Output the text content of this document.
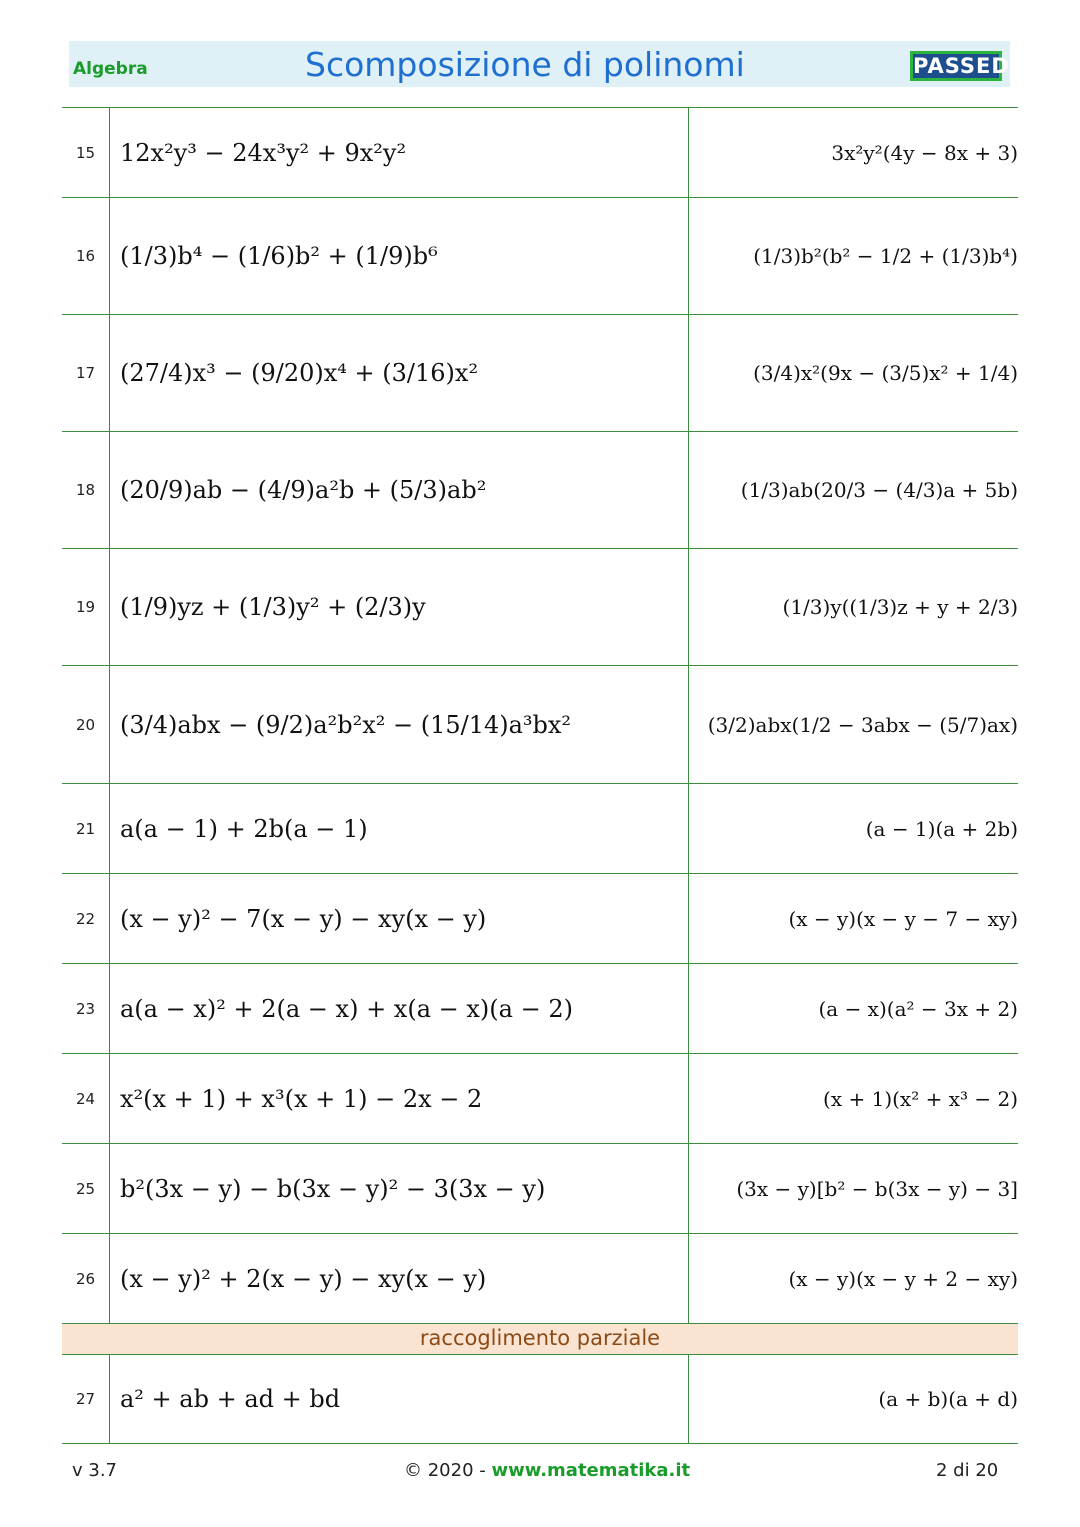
Algebra	Scomposizione di polinomi	PASSED
15	12x²y³ − 24x³y² + 9x²y²	3x²y²(4y − 8x + 3)
16	(1/3)b⁴ − (1/6)b² + (1/9)b⁶	(1/3)b²(b² − 1/2 + (1/3)b⁴)
17	(27/4)x³ − (9/20)x⁴ + (3/16)x²	(3/4)x²(9x − (3/5)x² + 1/4)
18	(20/9)ab − (4/9)a²b + (5/3)ab²	(1/3)ab(20/3 − (4/3)a + 5b)
19	(1/9)yz + (1/3)y² + (2/3)y	(1/3)y((1/3)z + y + 2/3)
20	(3/4)abx − (9/2)a²b²x² − (15/14)a³bx²	(3/2)abx(1/2 − 3abx − (5/7)ax)
21	a(a − 1) + 2b(a − 1)	(a − 1)(a + 2b)
22	(x − y)² − 7(x − y) − xy(x − y)	(x − y)(x − y − 7 − xy)
23	a(a − x)² + 2(a − x) + x(a − x)(a − 2)	(a − x)(a² − 3x + 2)
24	x²(x + 1) + x³(x + 1) − 2x − 2	(x + 1)(x² + x³ − 2)
25	b²(3x − y) − b(3x − y)² − 3(3x − y)	(3x − y)[b² − b(3x − y) − 3]
26	(x − y)² + 2(x − y) − xy(x − y)	(x − y)(x − y + 2 − xy)
raccoglimento parziale
27	a² + ab + ad + bd	(a + b)(a + d)
v 3.7	© 2020 - www.matematika.it	2 di 20
